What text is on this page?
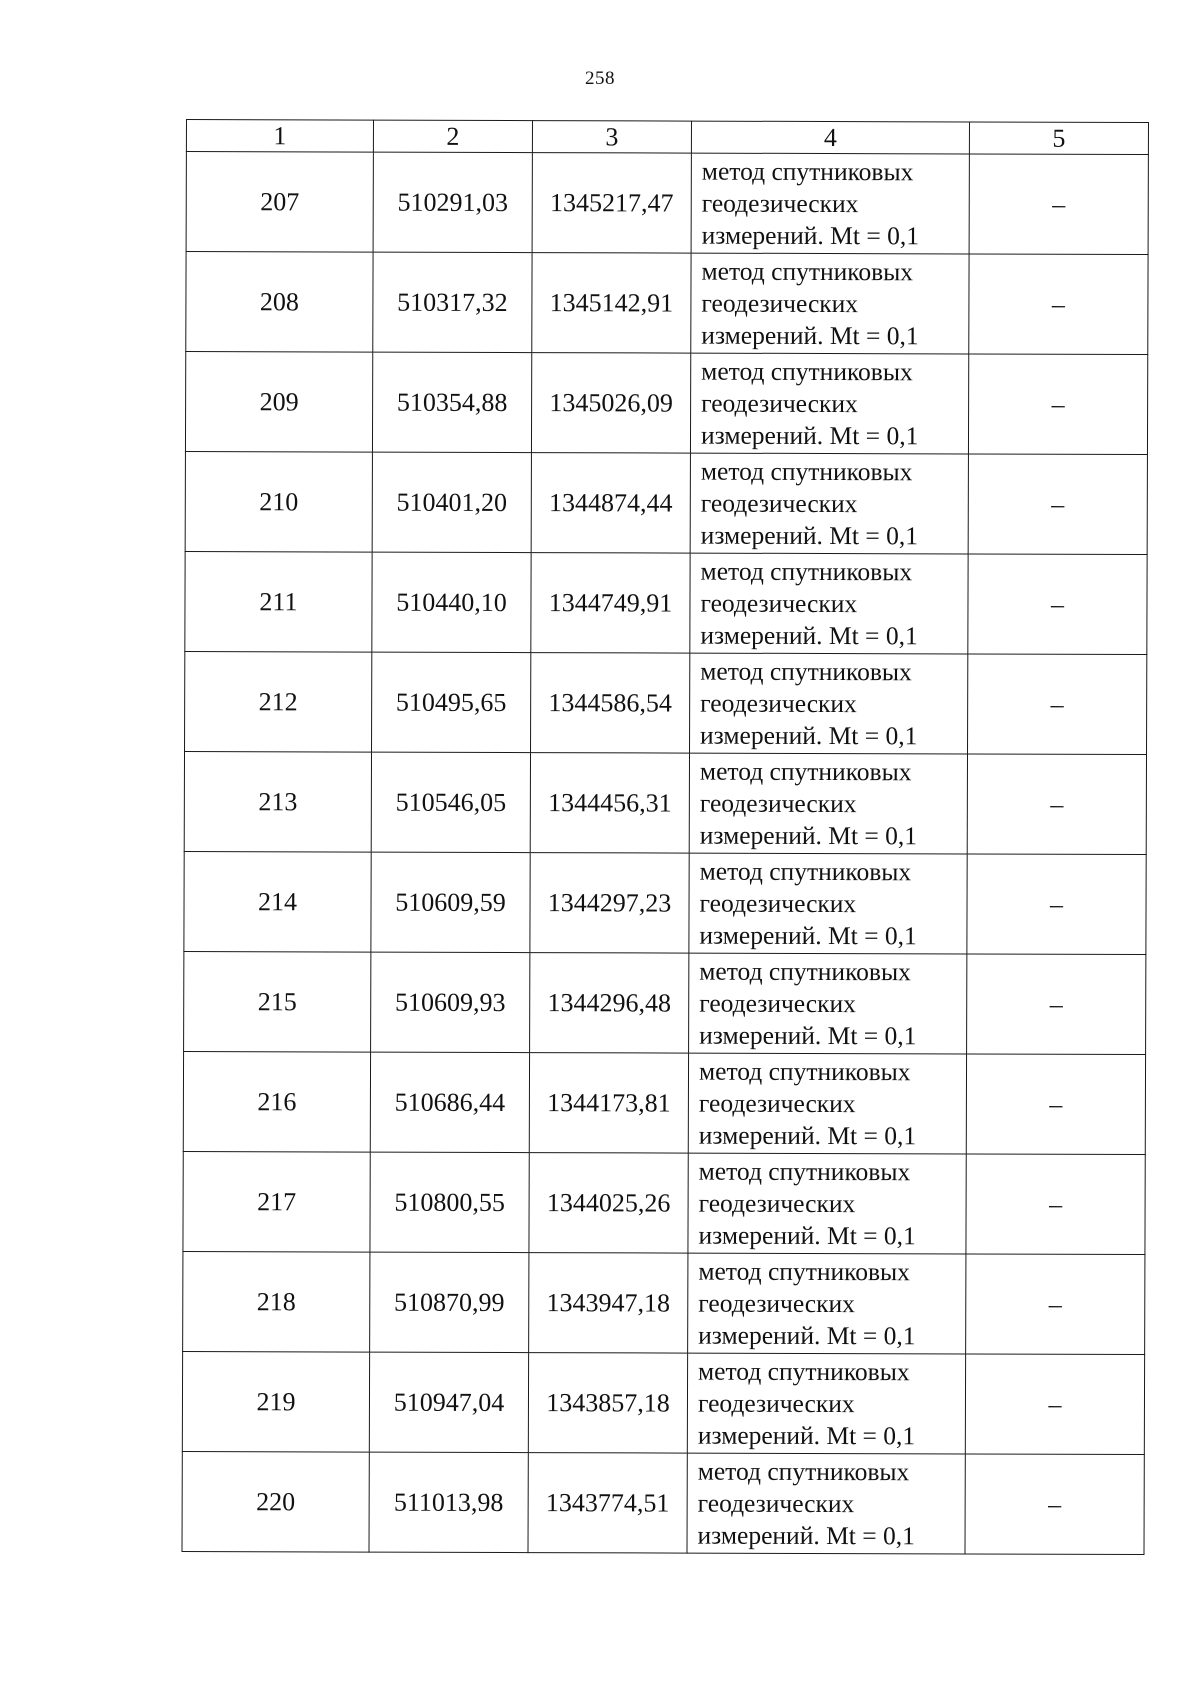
258
1	2	3	4	5
207	510291,03	1345217,47	метод спутниковых
геодезических
измерений. Mt = 0,1	–
208	510317,32	1345142,91	метод спутниковых
геодезических
измерений. Mt = 0,1	–
209	510354,88	1345026,09	метод спутниковых
геодезических
измерений. Mt = 0,1	–
210	510401,20	1344874,44	метод спутниковых
геодезических
измерений. Mt = 0,1	–
211	510440,10	1344749,91	метод спутниковых
геодезических
измерений. Mt = 0,1	–
212	510495,65	1344586,54	метод спутниковых
геодезических
измерений. Mt = 0,1	–
213	510546,05	1344456,31	метод спутниковых
геодезических
измерений. Mt = 0,1	–
214	510609,59	1344297,23	метод спутниковых
геодезических
измерений. Mt = 0,1	–
215	510609,93	1344296,48	метод спутниковых
геодезических
измерений. Mt = 0,1	–
216	510686,44	1344173,81	метод спутниковых
геодезических
измерений. Mt = 0,1	–
217	510800,55	1344025,26	метод спутниковых
геодезических
измерений. Mt = 0,1	–
218	510870,99	1343947,18	метод спутниковых
геодезических
измерений. Mt = 0,1	–
219	510947,04	1343857,18	метод спутниковых
геодезических
измерений. Mt = 0,1	–
220	511013,98	1343774,51	метод спутниковых
геодезических
измерений. Mt = 0,1	–
